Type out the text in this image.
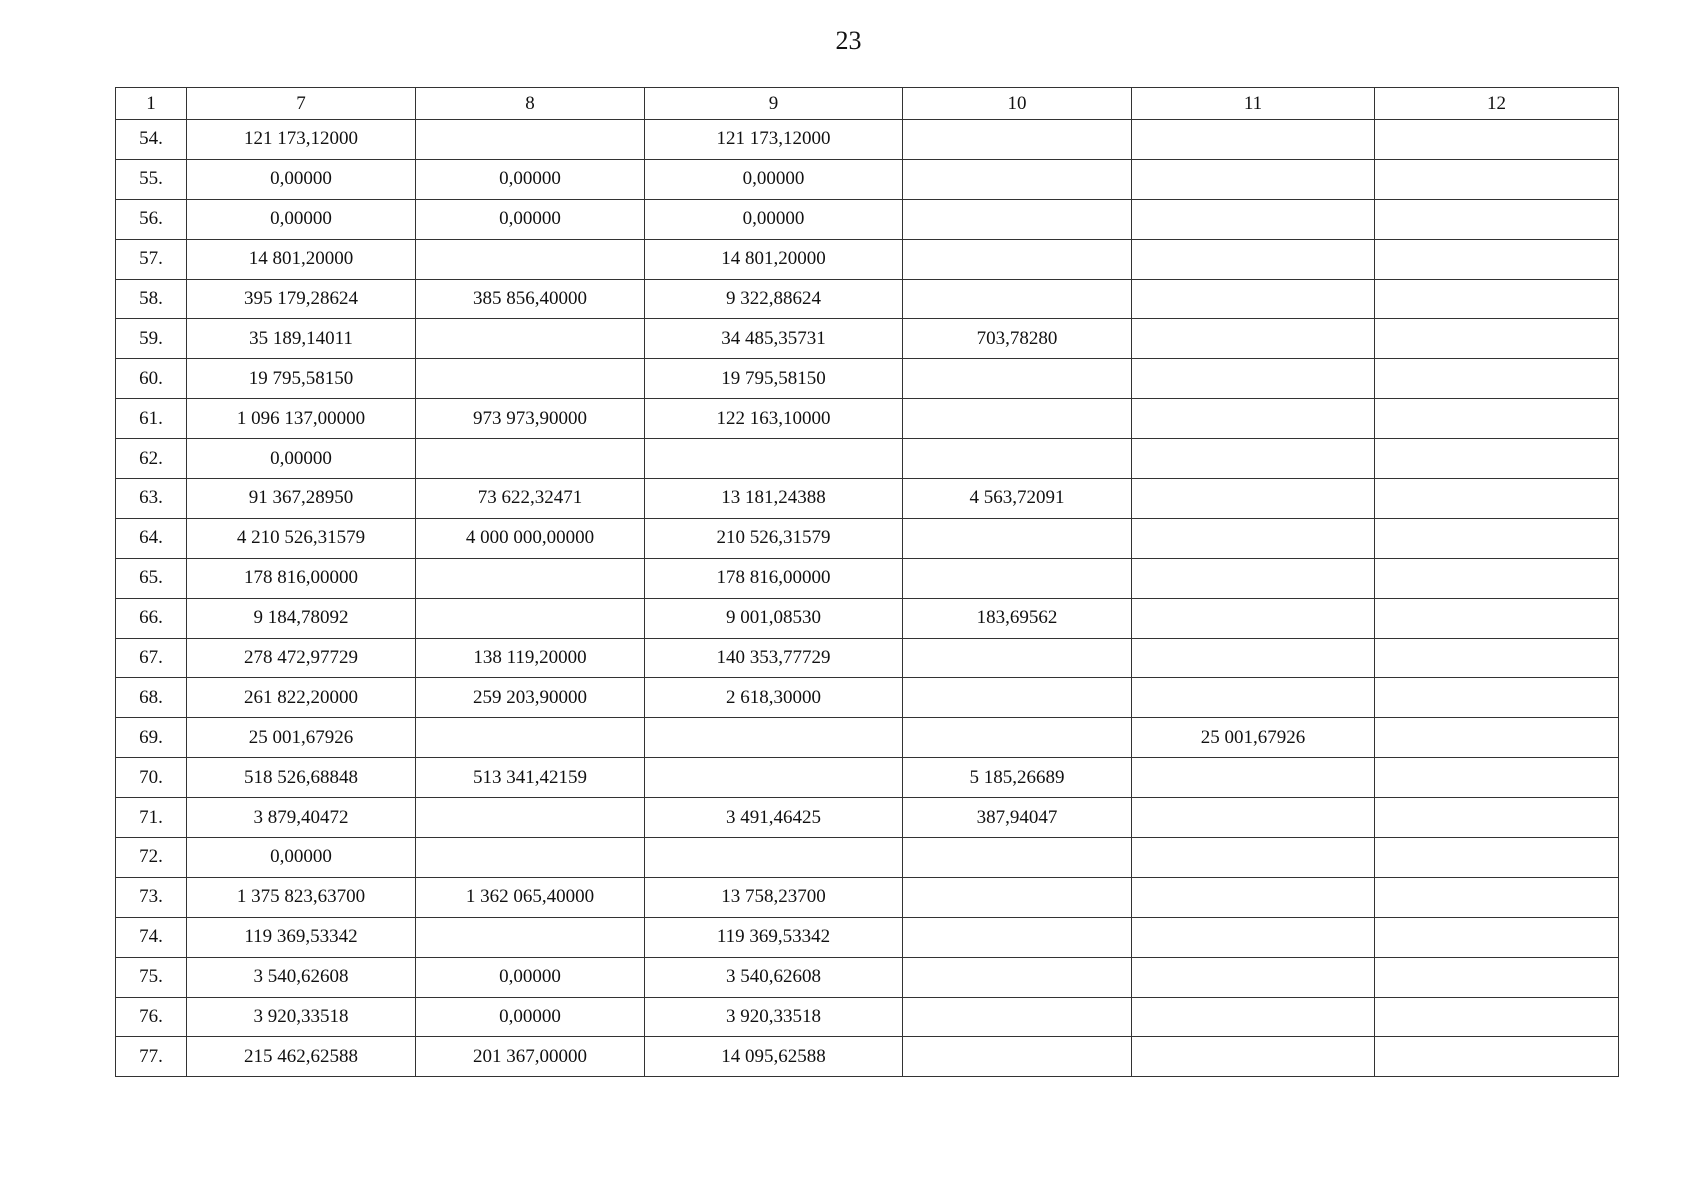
23
1	7	8	9	10	11	12
54.	121 173,12000		121 173,12000			
55.	0,00000	0,00000	0,00000			
56.	0,00000	0,00000	0,00000			
57.	14 801,20000		14 801,20000			
58.	395 179,28624	385 856,40000	9 322,88624			
59.	35 189,14011		34 485,35731	703,78280		
60.	19 795,58150		19 795,58150			
61.	1 096 137,00000	973 973,90000	122 163,10000			
62.	0,00000					
63.	91 367,28950	73 622,32471	13 181,24388	4 563,72091		
64.	4 210 526,31579	4 000 000,00000	210 526,31579			
65.	178 816,00000		178 816,00000			
66.	9 184,78092		9 001,08530	183,69562		
67.	278 472,97729	138 119,20000	140 353,77729			
68.	261 822,20000	259 203,90000	2 618,30000			
69.	25 001,67926				25 001,67926	
70.	518 526,68848	513 341,42159		5 185,26689		
71.	3 879,40472		3 491,46425	387,94047		
72.	0,00000					
73.	1 375 823,63700	1 362 065,40000	13 758,23700			
74.	119 369,53342		119 369,53342			
75.	3 540,62608	0,00000	3 540,62608			
76.	3 920,33518	0,00000	3 920,33518			
77.	215 462,62588	201 367,00000	14 095,62588			
